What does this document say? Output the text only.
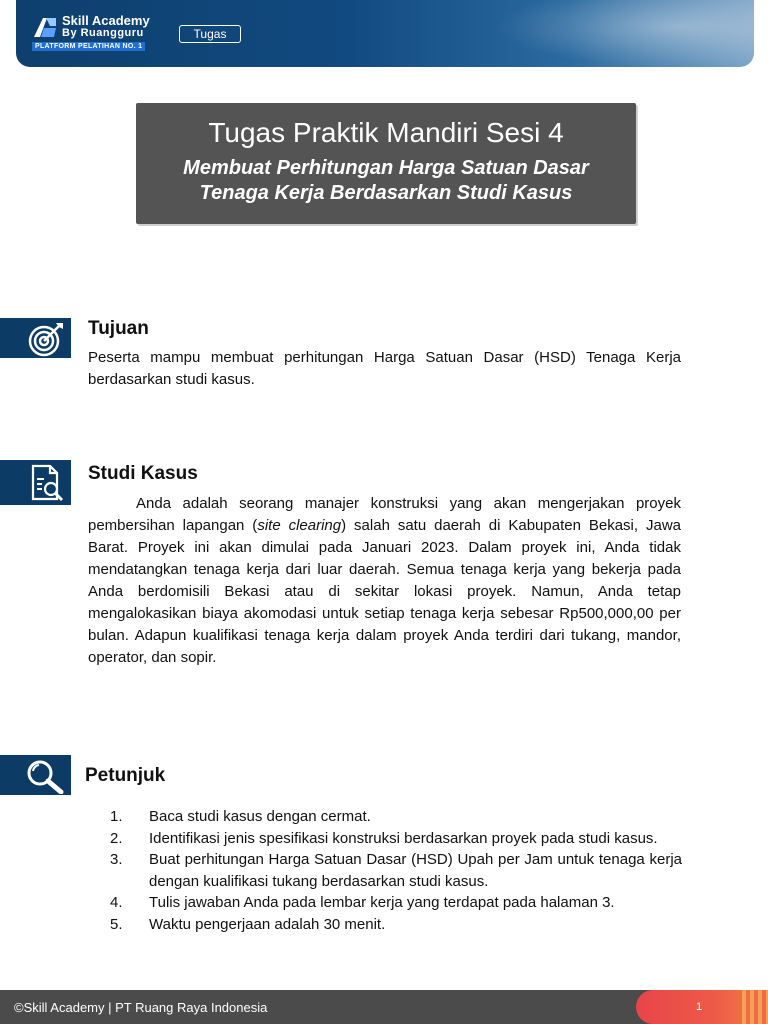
Skill Academy
By Ruangguru
PLATFORM PELATIHAN NO. 1
Tugas
Tugas Praktik Mandiri Sesi 4
Membuat Perhitungan Harga Satuan Dasar
Tenaga Kerja Berdasarkan Studi Kasus
Tujuan

Peserta mampu membuat perhitungan Harga Satuan Dasar (HSD) Tenaga Kerja berdasarkan studi kasus.

Studi Kasus

Anda adalah seorang manajer konstruksi yang akan mengerjakan proyek pembersihan lapangan (site clearing) salah satu daerah di Kabupaten Bekasi, Jawa Barat. Proyek ini akan dimulai pada Januari 2023. Dalam proyek ini, Anda tidak mendatangkan tenaga kerja dari luar daerah. Semua tenaga kerja yang bekerja pada Anda berdomisili Bekasi atau di sekitar lokasi proyek. Namun, Anda tetap mengalokasikan biaya akomodasi untuk setiap tenaga kerja sebesar Rp500,000,00 per bulan. Adapun kualifikasi tenaga kerja dalam proyek Anda terdiri dari tukang, mandor, operator, dan sopir.

Petunjuk
1. Baca studi kasus dengan cermat.
2. Identifikasi jenis spesifikasi konstruksi berdasarkan proyek pada studi kasus.
3. Buat perhitungan Harga Satuan Dasar (HSD) Upah per Jam untuk tenaga kerja dengan kualifikasi tukang berdasarkan studi kasus.
4. Tulis jawaban Anda pada lembar kerja yang terdapat pada halaman 3.
5. Waktu pengerjaan adalah 30 menit.
©Skill Academy | PT Ruang Raya Indonesia	1
